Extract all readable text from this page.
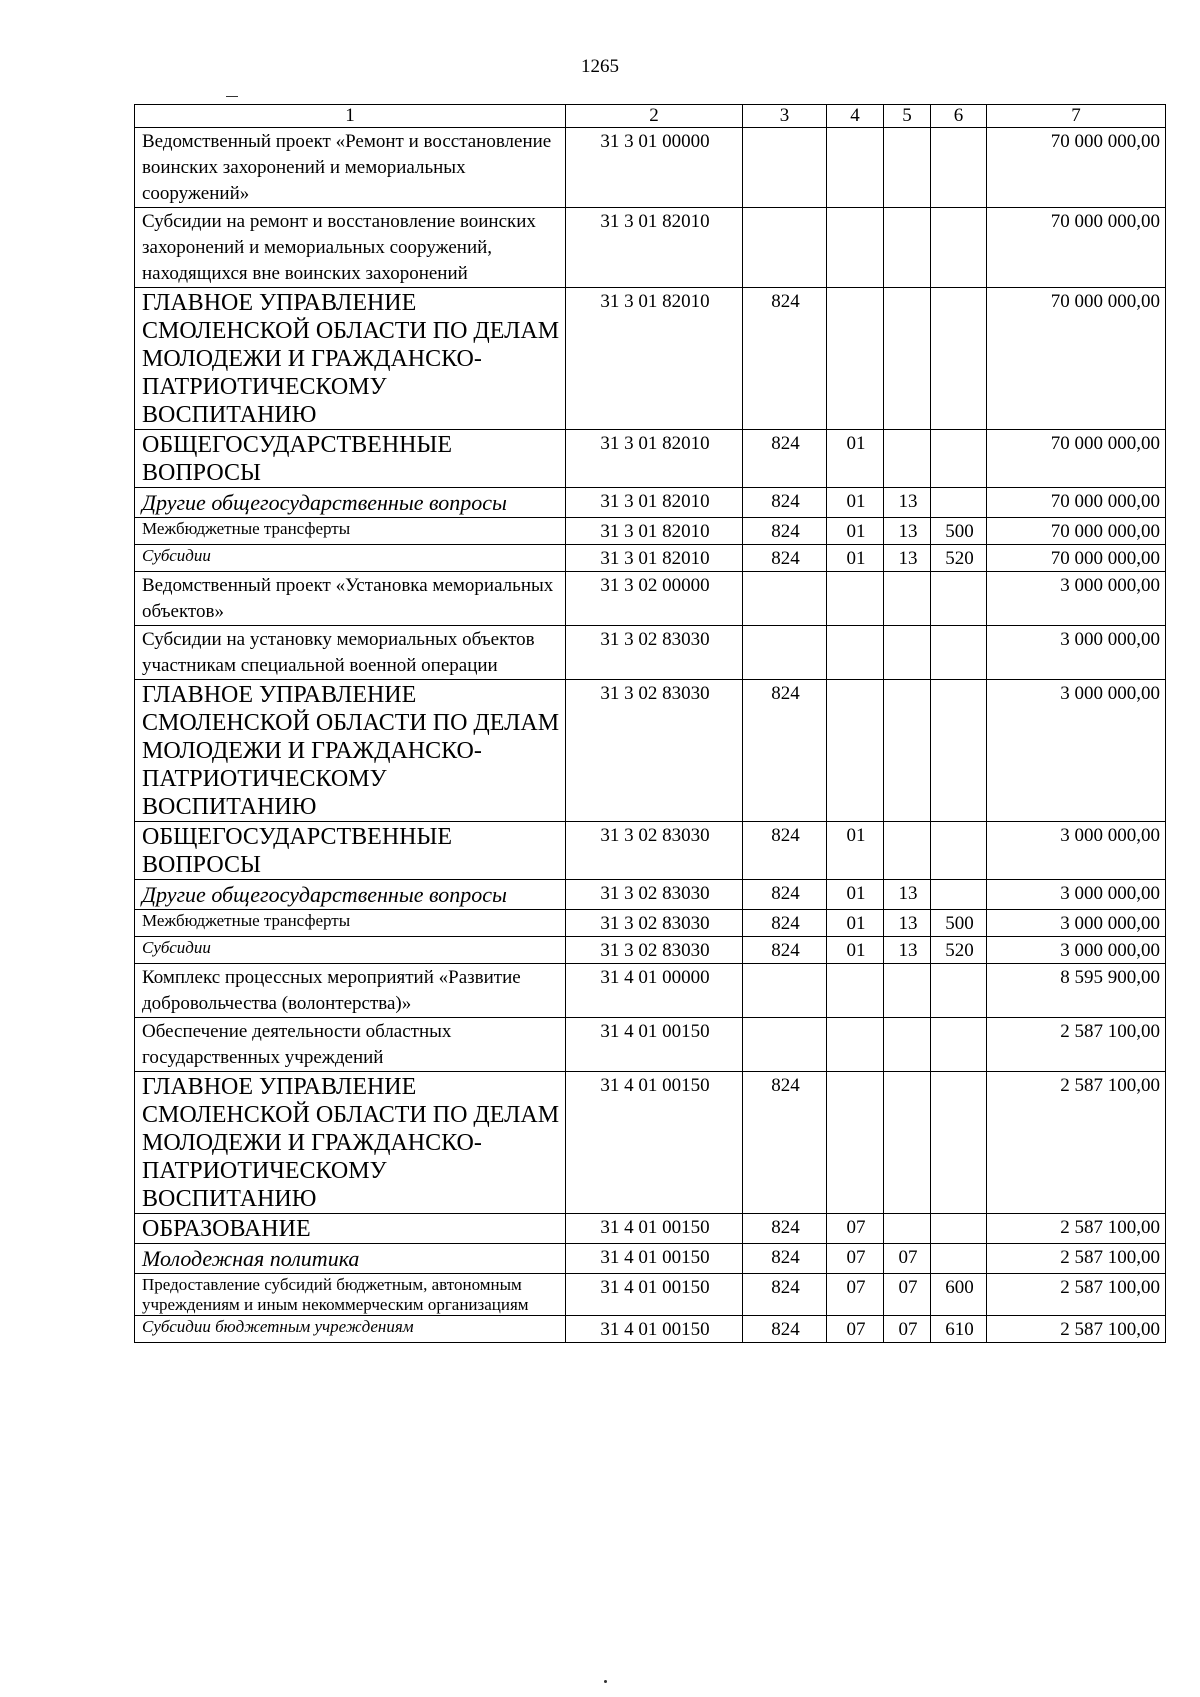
1265
1	2	3	4	5	6	7
Ведомственный проект «Ремонт и восстановление воинских захоронений и мемориальных сооружений»	31 3 01 00000					70 000 000,00
Субсидии на ремонт и восстановление воинских захоронений и мемориальных сооружений, находящихся вне воинских захоронений	31 3 01 82010					70 000 000,00
ГЛАВНОЕ УПРАВЛЕНИЕ СМОЛЕНСКОЙ ОБЛАСТИ ПО ДЕЛАМ МОЛОДЕЖИ И ГРАЖДАНСКО-ПАТРИОТИЧЕСКОМУ ВОСПИТАНИЮ	31 3 01 82010	824				70 000 000,00
ОБЩЕГОСУДАРСТВЕННЫЕ ВОПРОСЫ	31 3 01 82010	824	01			70 000 000,00
Другие общегосударственные вопросы	31 3 01 82010	824	01	13		70 000 000,00
Межбюджетные трансферты	31 3 01 82010	824	01	13	500	70 000 000,00
Субсидии	31 3 01 82010	824	01	13	520	70 000 000,00
Ведомственный проект «Установка мемориальных объектов»	31 3 02 00000					3 000 000,00
Субсидии на установку мемориальных объектов участникам специальной военной операции	31 3 02 83030					3 000 000,00
ГЛАВНОЕ УПРАВЛЕНИЕ СМОЛЕНСКОЙ ОБЛАСТИ ПО ДЕЛАМ МОЛОДЕЖИ И ГРАЖДАНСКО-ПАТРИОТИЧЕСКОМУ ВОСПИТАНИЮ	31 3 02 83030	824				3 000 000,00
ОБЩЕГОСУДАРСТВЕННЫЕ ВОПРОСЫ	31 3 02 83030	824	01			3 000 000,00
Другие общегосударственные вопросы	31 3 02 83030	824	01	13		3 000 000,00
Межбюджетные трансферты	31 3 02 83030	824	01	13	500	3 000 000,00
Субсидии	31 3 02 83030	824	01	13	520	3 000 000,00
Комплекс процессных мероприятий «Развитие добровольчества (волонтерства)»	31 4 01 00000					8 595 900,00
Обеспечение деятельности областных государственных учреждений	31 4 01 00150					2 587 100,00
ГЛАВНОЕ УПРАВЛЕНИЕ СМОЛЕНСКОЙ ОБЛАСТИ ПО ДЕЛАМ МОЛОДЕЖИ И ГРАЖДАНСКО-ПАТРИОТИЧЕСКОМУ ВОСПИТАНИЮ	31 4 01 00150	824				2 587 100,00
ОБРАЗОВАНИЕ	31 4 01 00150	824	07			2 587 100,00
Молодежная политика	31 4 01 00150	824	07	07		2 587 100,00
Предоставление субсидий бюджетным, автономным учреждениям и иным некоммерческим организациям	31 4 01 00150	824	07	07	600	2 587 100,00
Субсидии бюджетным учреждениям	31 4 01 00150	824	07	07	610	2 587 100,00
